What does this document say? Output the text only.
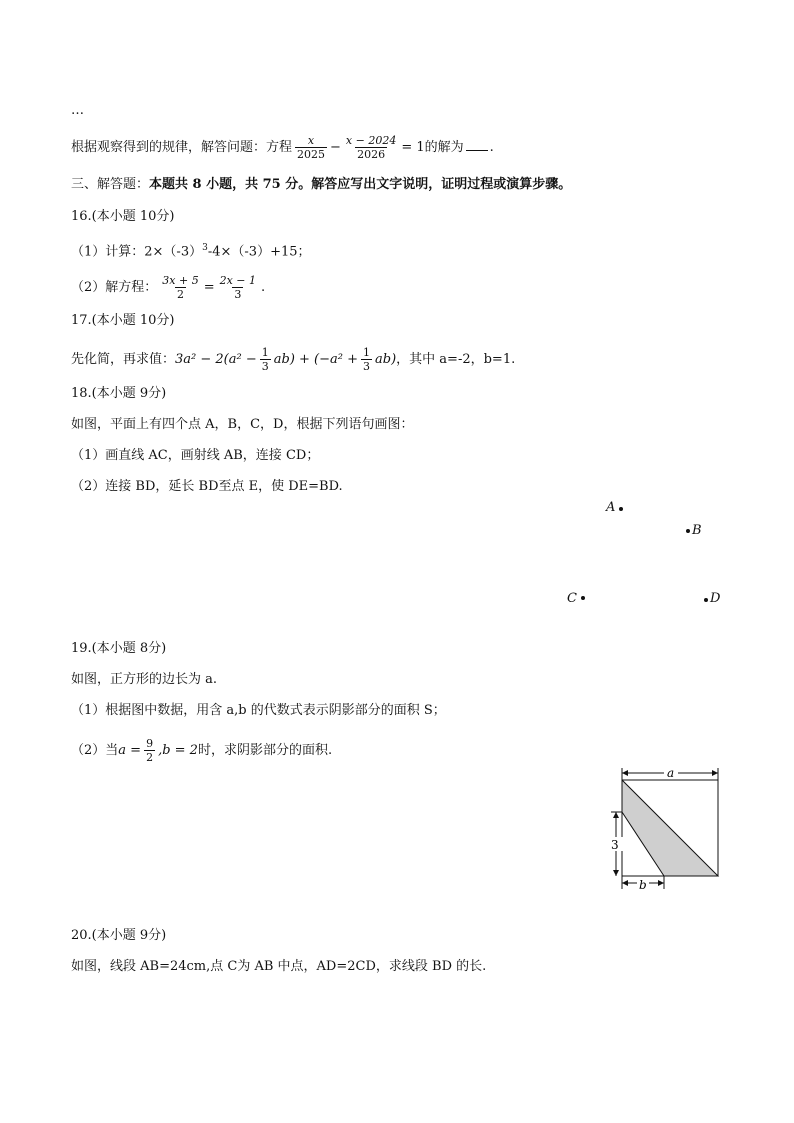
…
根据观察得到的规律，解答问题：方程 $\frac{x}{2025} - \frac{x - 2024}{2026} = 1$的解为 .
三、解答题：本题共 8 小题，共 75 分。解答应写出文字说明，证明过程或演算步骤。
16.(本小题 10分)
（1）计算：$2\times(-3)^3-4\times(-3)+15$；
（2）解方程： $\frac{3x + 5}{2} = \frac{2x - 1}{3}$ .
17.(本小题 10分)
先化简，再求值：$3a^2 - 2(a^2 - \frac{1}{3} ab) + (-a^2 + \frac{1}{3} ab)$，其中 a=-2，b=1.
18.(本小题 9分)
如图，平面上有四个点 A，B，C，D，根据下列语句画图：
（1）画直线 AC，画射线 AB，连接 CD；
（2）连接 BD，延长 BD至点 E，使 DE=BD.
A
B
C	D
19.(本小题 8分)
如图，正方形的边长为 a.
（1）根据图中数据，用含 a,b 的代数式表示阴影部分的面积 S；
（2）当$a = \frac{9}{2} ,b = 2$时，求阴影部分的面积.
a
3
b
20.(本小题 9分)
如图，线段 AB=24cm,点 C为 AB 中点，AD=2CD，求线段 BD 的长.
